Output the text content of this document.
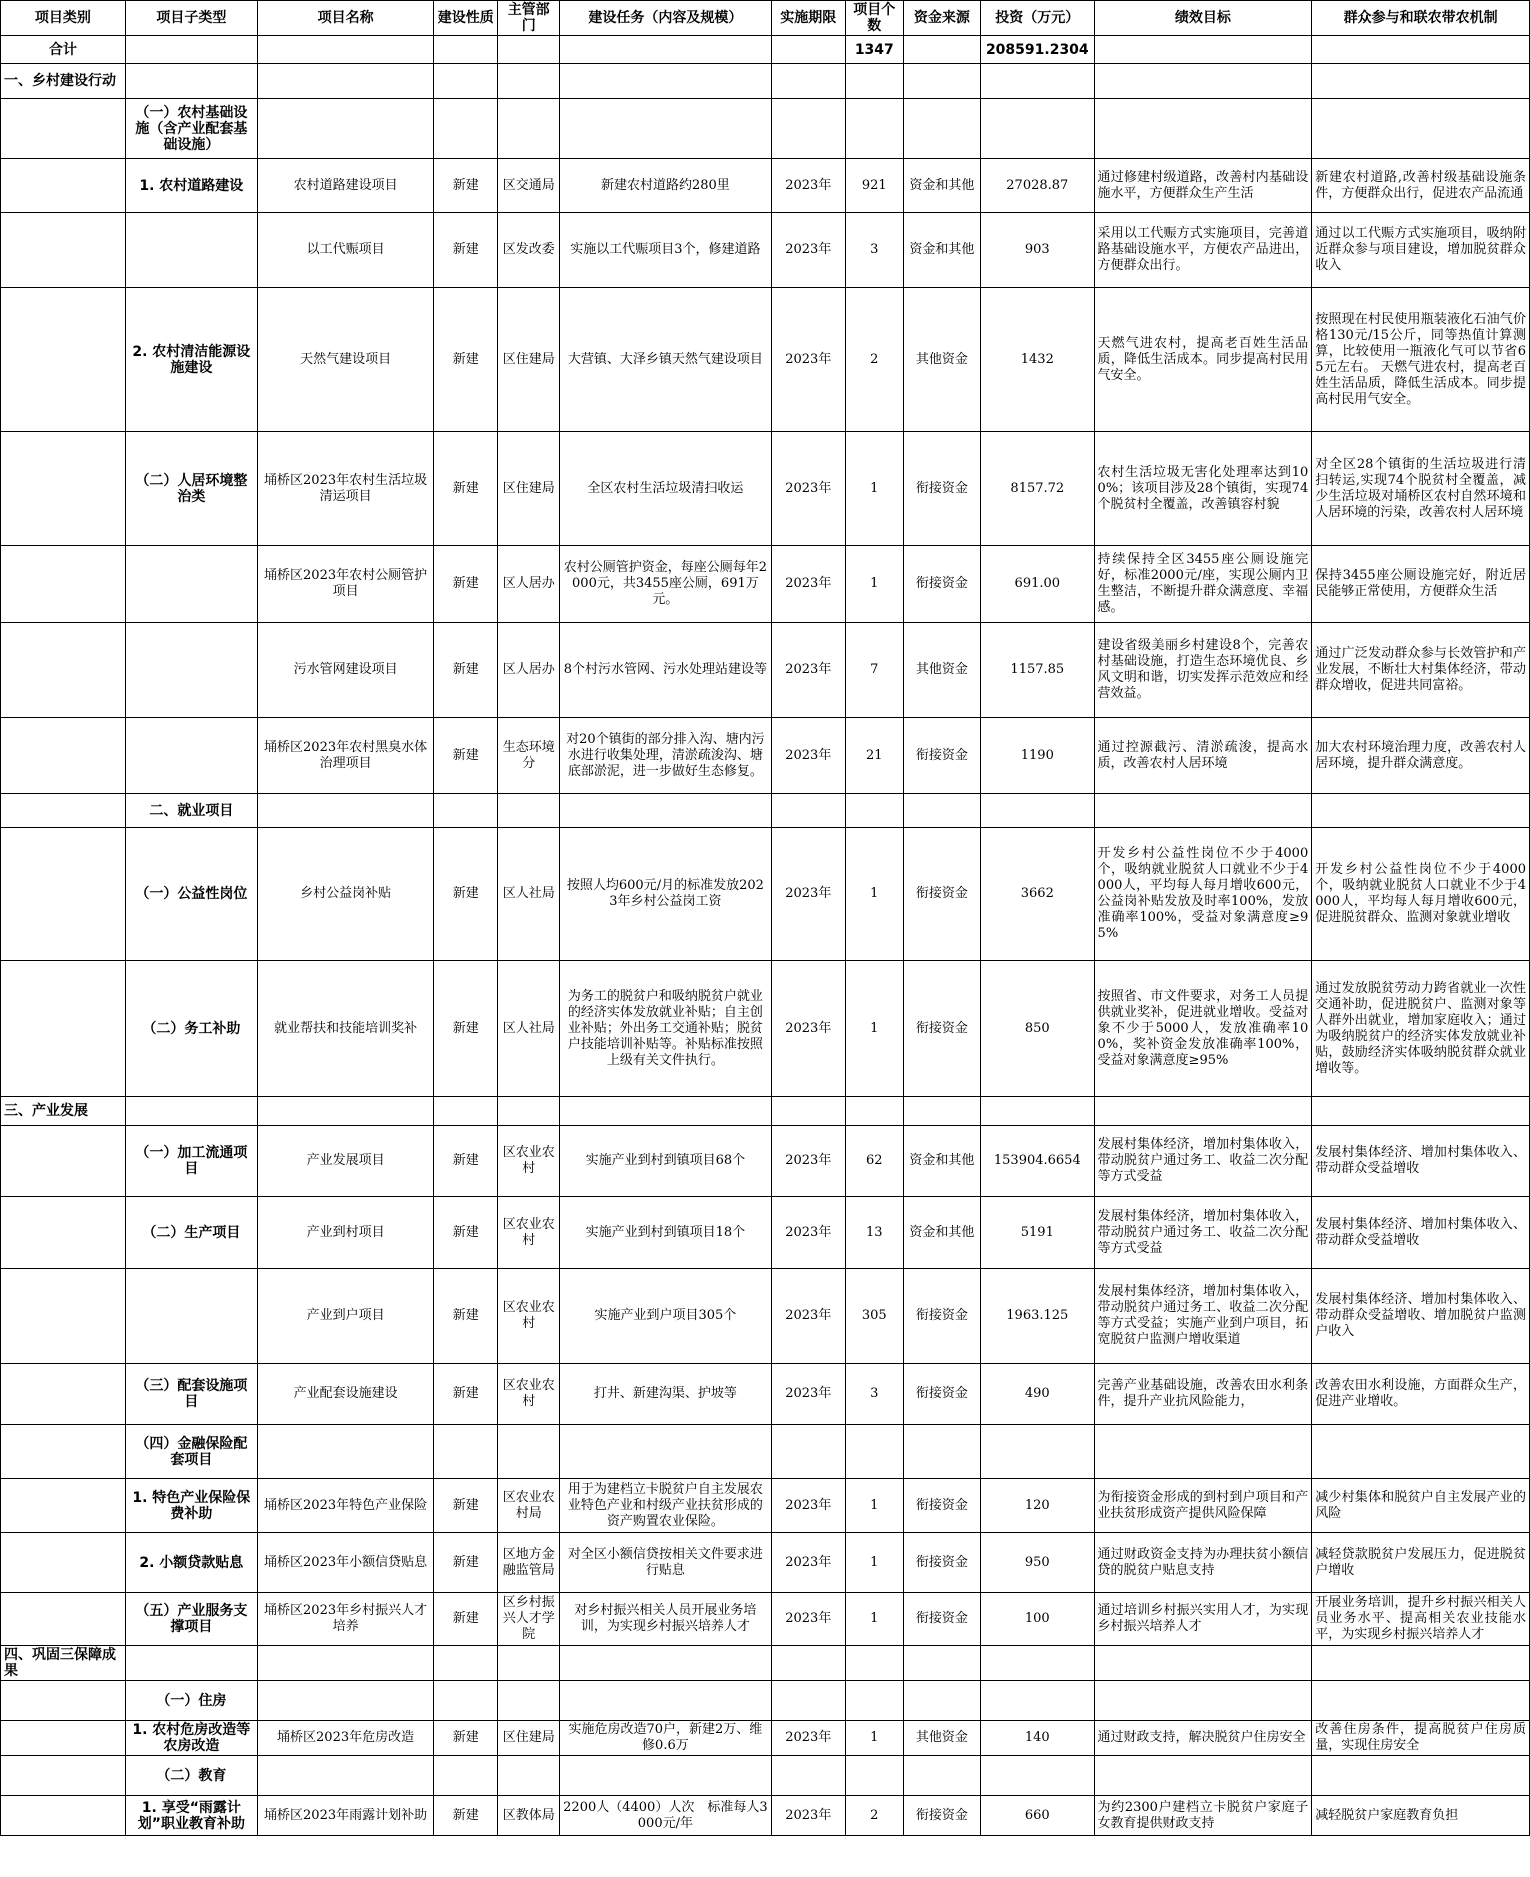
项目类别	项目子类型	项目名称	建设性质	主管部门	建设任务（内容及规模）	实施期限	项目个数	资金来源	投资（万元）	绩效目标	群众参与和联农带农机制
合计							1347		208591.2304		
一、乡村建设行动											
	（一）农村基础设施（含产业配套基础设施）										
	1. 农村道路建设	农村道路建设项目	新建	区交通局	新建农村道路约280里	2023年	921	资金和其他	27028.87	通过修建村级道路，改善村内基础设施水平，方便群众生产生活	新建农村道路,改善村级基础设施条件，方便群众出行，促进农产品流通
		以工代赈项目	新建	区发改委	实施以工代赈项目3个，修建道路	2023年	3	资金和其他	903	采用以工代赈方式实施项目，完善道路基础设施水平，方便农产品进出，方便群众出行。	通过以工代赈方式实施项目，吸纳附近群众参与项目建设，增加脱贫群众收入
	2. 农村清洁能源设施建设	天然气建设项目	新建	区住建局	大营镇、大泽乡镇天然气建设项目	2023年	2	其他资金	1432	天燃气进农村，提高老百姓生活品质，降低生活成本。同步提高村民用气安全。	按照现在村民使用瓶装液化石油气价格130元/15公斤，同等热值计算测算，比较使用一瓶液化气可以节省65元左右。 天燃气进农村，提高老百姓生活品质，降低生活成本。同步提高村民用气安全。
	（二）人居环境整治类	埇桥区2023年农村生活垃圾清运项目	新建	区住建局	全区农村生活垃圾清扫收运	2023年	1	衔接资金	8157.72	农村生活垃圾无害化处理率达到100%；该项目涉及28个镇街，实现74个脱贫村全覆盖，改善镇容村貌	对全区28个镇街的生活垃圾进行清扫转运,实现74个脱贫村全覆盖，减少生活垃圾对埇桥区农村自然环境和人居环境的污染，改善农村人居环境
		埇桥区2023年农村公厕管护项目	新建	区人居办	农村公厕管护资金，每座公厕每年2000元，共3455座公厕，691万元。	2023年	1	衔接资金	691.00	持续保持全区3455座公厕设施完好，标准2000元/座，实现公厕内卫生整洁，不断提升群众满意度、幸福感。	保持3455座公厕设施完好，附近居民能够正常使用，方便群众生活
		污水管网建设项目	新建	区人居办	8个村污水管网、污水处理站建设等	2023年	7	其他资金	1157.85	建设省级美丽乡村建设8个，完善农村基础设施，打造生态环境优良、乡风文明和谐，切实发挥示范效应和经营效益。	通过广泛发动群众参与长效管护和产业发展，不断壮大村集体经济，带动群众增收，促进共同富裕。
		埇桥区2023年农村黑臭水体治理项目	新建	生态环境分	对20个镇街的部分排入沟、塘内污水进行收集处理，清淤疏浚沟、塘底部淤泥，进一步做好生态修复。	2023年	21	衔接资金	1190	通过控源截污、清淤疏浚，提高水质，改善农村人居环境	加大农村环境治理力度，改善农村人居环境，提升群众满意度。
	二、就业项目										
	（一）公益性岗位	乡村公益岗补贴	新建	区人社局	按照人均600元/月的标准发放2023年乡村公益岗工资	2023年	1	衔接资金	3662	开发乡村公益性岗位不少于4000个，吸纳就业脱贫人口就业不少于4000人，平均每人每月增收600元，公益岗补贴发放及时率100%，发放准确率100%，受益对象满意度≥95%	开发乡村公益性岗位不少于4000个，吸纳就业脱贫人口就业不少于4000人，平均每人每月增收600元，促进脱贫群众、监测对象就业增收
	（二）务工补助	就业帮扶和技能培训奖补	新建	区人社局	为务工的脱贫户和吸纳脱贫户就业的经济实体发放就业补贴；自主创业补贴；外出务工交通补贴；脱贫户技能培训补贴等。补贴标准按照上级有关文件执行。	2023年	1	衔接资金	850	按照省、市文件要求，对务工人员提供就业奖补，促进就业增收。受益对象不少于5000人，发放准确率100%，奖补资金发放准确率100%，受益对象满意度≥95%	通过发放脱贫劳动力跨省就业一次性交通补助，促进脱贫户、监测对象等人群外出就业，增加家庭收入；通过为吸纳脱贫户的经济实体发放就业补贴，鼓励经济实体吸纳脱贫群众就业增收等。
三、产业发展											
	（一）加工流通项目	产业发展项目	新建	区农业农村	实施产业到村到镇项目68个	2023年	62	资金和其他	153904.6654	发展村集体经济，增加村集体收入，带动脱贫户通过务工、收益二次分配等方式受益	发展村集体经济、增加村集体收入、带动群众受益增收
	（二）生产项目	产业到村项目	新建	区农业农村	实施产业到村到镇项目18个	2023年	13	资金和其他	5191	发展村集体经济，增加村集体收入，带动脱贫户通过务工、收益二次分配等方式受益	发展村集体经济、增加村集体收入、带动群众受益增收
		产业到户项目	新建	区农业农村	实施产业到户项目305个	2023年	305	衔接资金	1963.125	发展村集体经济，增加村集体收入，带动脱贫户通过务工、收益二次分配等方式受益；实施产业到户项目，拓宽脱贫户监测户增收渠道	发展村集体经济、增加村集体收入、带动群众受益增收、增加脱贫户监测户收入
	（三）配套设施项目	产业配套设施建设	新建	区农业农村	打井、新建沟渠、护坡等	2023年	3	衔接资金	490	完善产业基础设施，改善农田水利条件，提升产业抗风险能力，	改善农田水利设施，方面群众生产，促进产业增收。
	（四）金融保险配套项目										
	1. 特色产业保险保费补助	埇桥区2023年特色产业保险	新建	区农业农村局	用于为建档立卡脱贫户自主发展农业特色产业和村级产业扶贫形成的资产购置农业保险。	2023年	1	衔接资金	120	为衔接资金形成的到村到户项目和产业扶贫形成资产提供风险保障	减少村集体和脱贫户自主发展产业的风险
	2. 小额贷款贴息	埇桥区2023年小额信贷贴息	新建	区地方金融监管局	对全区小额信贷按相关文件要求进行贴息	2023年	1	衔接资金	950	通过财政资金支持为办理扶贫小额信贷的脱贫户贴息支持	减轻贷款脱贫户发展压力，促进脱贫户增收
	（五）产业服务支撑项目	埇桥区2023年乡村振兴人才培养	新建	区乡村振兴人才学院	对乡村振兴相关人员开展业务培训，为实现乡村振兴培养人才	2023年	1	衔接资金	100	通过培训乡村振兴实用人才，为实现乡村振兴培养人才	开展业务培训，提升乡村振兴相关人员业务水平、提高相关农业技能水平，为实现乡村振兴培养人才
四、巩固三保障成果											
	（一）住房										
	1. 农村危房改造等农房改造	埇桥区2023年危房改造	新建	区住建局	实施危房改造70户，新建2万、维修0.6万	2023年	1	其他资金	140	通过财政支持，解决脱贫户住房安全	改善住房条件，提高脱贫户住房质量，实现住房安全
	（二）教育										
	1. 享受“雨露计划”职业教育补助	埇桥区2023年雨露计划补助	新建	区教体局	2200人（4400）人次　标准每人3000元/年	2023年	2	衔接资金	660	为约2300户建档立卡脱贫户家庭子女教育提供财政支持	减轻脱贫户家庭教育负担
